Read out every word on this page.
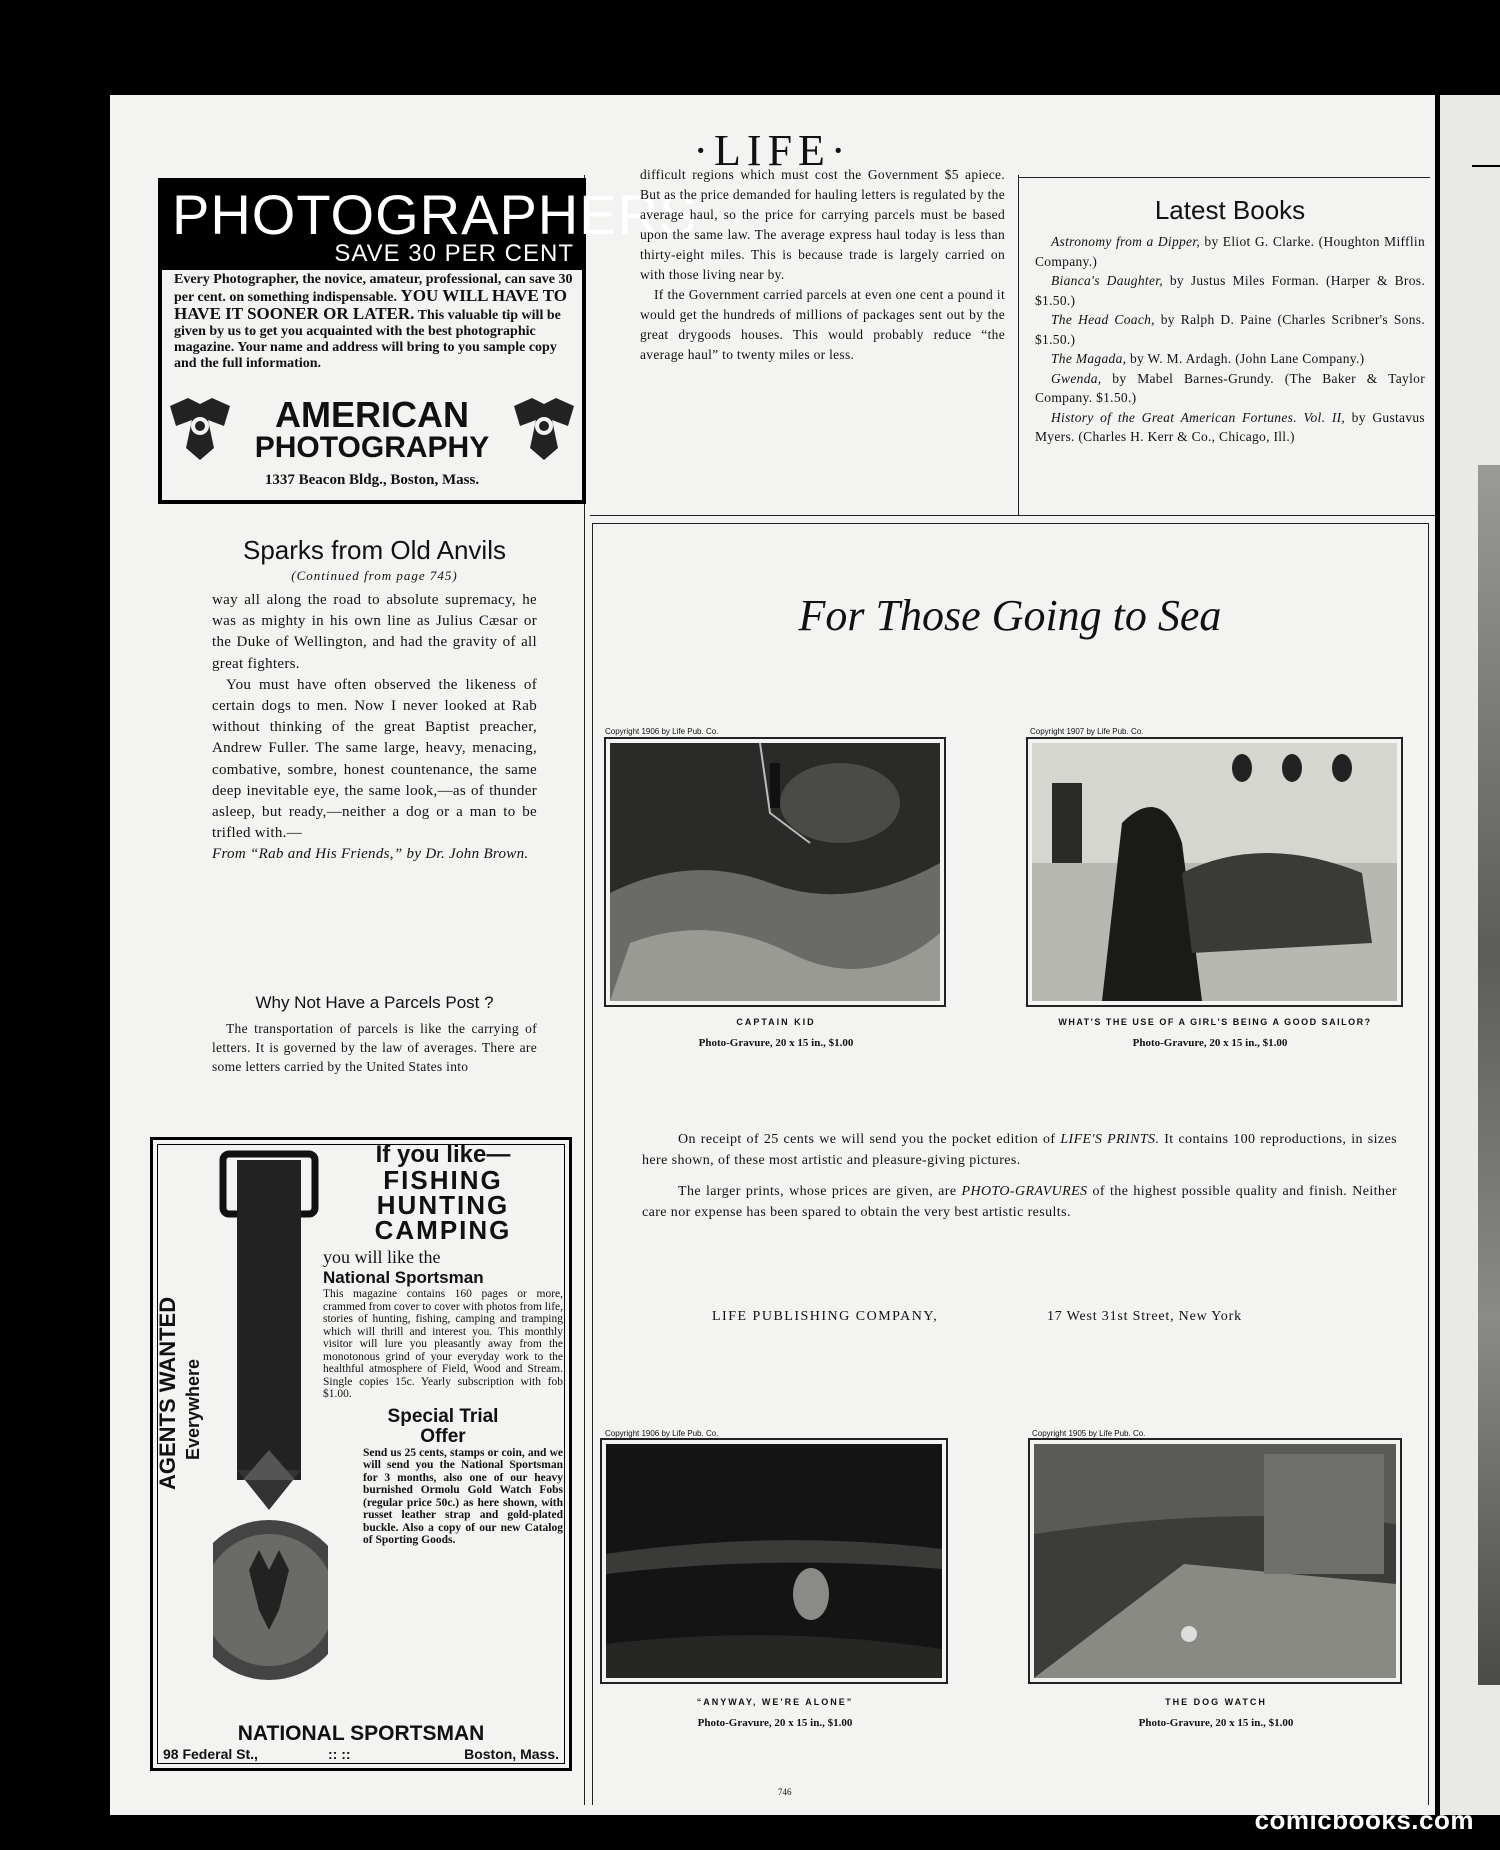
·LIFE·
PHOTOGRAPHERS
SAVE 30 PER CENT
Every Photographer, the novice, amateur, professional, can save 30 per cent. on something indispensable. YOU WILL HAVE TO HAVE IT SOONER OR LATER. This valuable tip will be given by us to get you acquainted with the best photographic magazine. Your name and address will bring to you sample copy and the full information.
AMERICAN
PHOTOGRAPHY
1337 Beacon Bldg., Boston, Mass.

difficult regions which must cost the Government $5 apiece. But as the price demanded for hauling letters is regulated by the average haul, so the price for carrying parcels must be based upon the same law. The average express haul today is less than thirty-eight miles. This is because trade is largely carried on with those living near by.

If the Government carried parcels at even one cent a pound it would get the hundreds of millions of packages sent out by the great drygoods houses. This would probably reduce “the average haul” to twenty miles or less.

Latest Books

Astronomy from a Dipper, by Eliot G. Clarke. (Houghton Mifflin Company.)

Bianca's Daughter, by Justus Miles Forman. (Harper & Bros. $1.50.)

The Head Coach, by Ralph D. Paine (Charles Scribner's Sons. $1.50.)

The Magada, by W. M. Ardagh. (John Lane Company.)

Gwenda, by Mabel Barnes-Grundy. (The Baker & Taylor Company. $1.50.)

History of the Great American Fortunes. Vol. II, by Gustavus Myers. (Charles H. Kerr & Co., Chicago, Ill.)

Sparks from Old Anvils
(Continued from page 745)

way all along the road to absolute supremacy, he was as mighty in his own line as Julius Cæsar or the Duke of Wellington, and had the gravity of all great fighters.

You must have often observed the likeness of certain dogs to men. Now I never looked at Rab without thinking of the great Baptist preacher, Andrew Fuller. The same large, heavy, menacing, combative, sombre, honest countenance, the same deep inevitable eye, the same look,—as of thunder asleep, but ready,—neither a dog or a man to be trifled with.—

From “Rab and His Friends,” by Dr. John Brown.

Why Not Have a Parcels Post ?
The transportation of parcels is like the carrying of letters. It is governed by the law of averages. There are some letters carried by the United States into
For Those Going to Sea
Copyright 1906 by Life Pub. Co.
CAPTAIN KID
Photo-Gravure, 20 x 15 in., $1.00
Copyright 1907 by Life Pub. Co.
WHAT'S THE USE OF A GIRL'S BEING A GOOD SAILOR?
Photo-Gravure, 20 x 15 in., $1.00

On receipt of 25 cents we will send you the pocket edition of LIFE'S PRINTS. It contains 100 reproductions, in sizes here shown, of these most artistic and pleasure-giving pictures.

The larger prints, whose prices are given, are PHOTO-GRAVURES of the highest possible quality and finish. Neither care nor expense has been spared to obtain the very best artistic results.

LIFE PUBLISHING COMPANY,	17 West 31st Street, New York
Copyright 1906 by Life Pub. Co.
“ANYWAY, WE'RE ALONE”
Photo-Gravure, 20 x 15 in., $1.00
Copyright 1905 by Life Pub. Co.
THE DOG WATCH
Photo-Gravure, 20 x 15 in., $1.00
AGENTS WANTED Everywhere
If you like—
FISHING
HUNTING
CAMPING
you will like the
National Sportsman
This magazine contains 160 pages or more, crammed from cover to cover with photos from life, stories of hunting, fishing, camping and tramping which will thrill and interest you. This monthly visitor will lure you pleasantly away from the monotonous grind of your everyday work to the healthful atmosphere of Field, Wood and Stream. Single copies 15c. Yearly subscription with fob $1.00.
Special Trial
Offer
Send us 25 cents, stamps or coin, and we will send you the National Sportsman for 3 months, also one of our heavy burnished Ormolu Gold Watch Fobs (regular price 50c.) as here shown, with russet leather strap and gold-plated buckle. Also a copy of our new Catalog of Sporting Goods.
NATIONAL SPORTSMAN
98 Federal St.,	:: ::	Boston, Mass.
746
comicbooks.com
